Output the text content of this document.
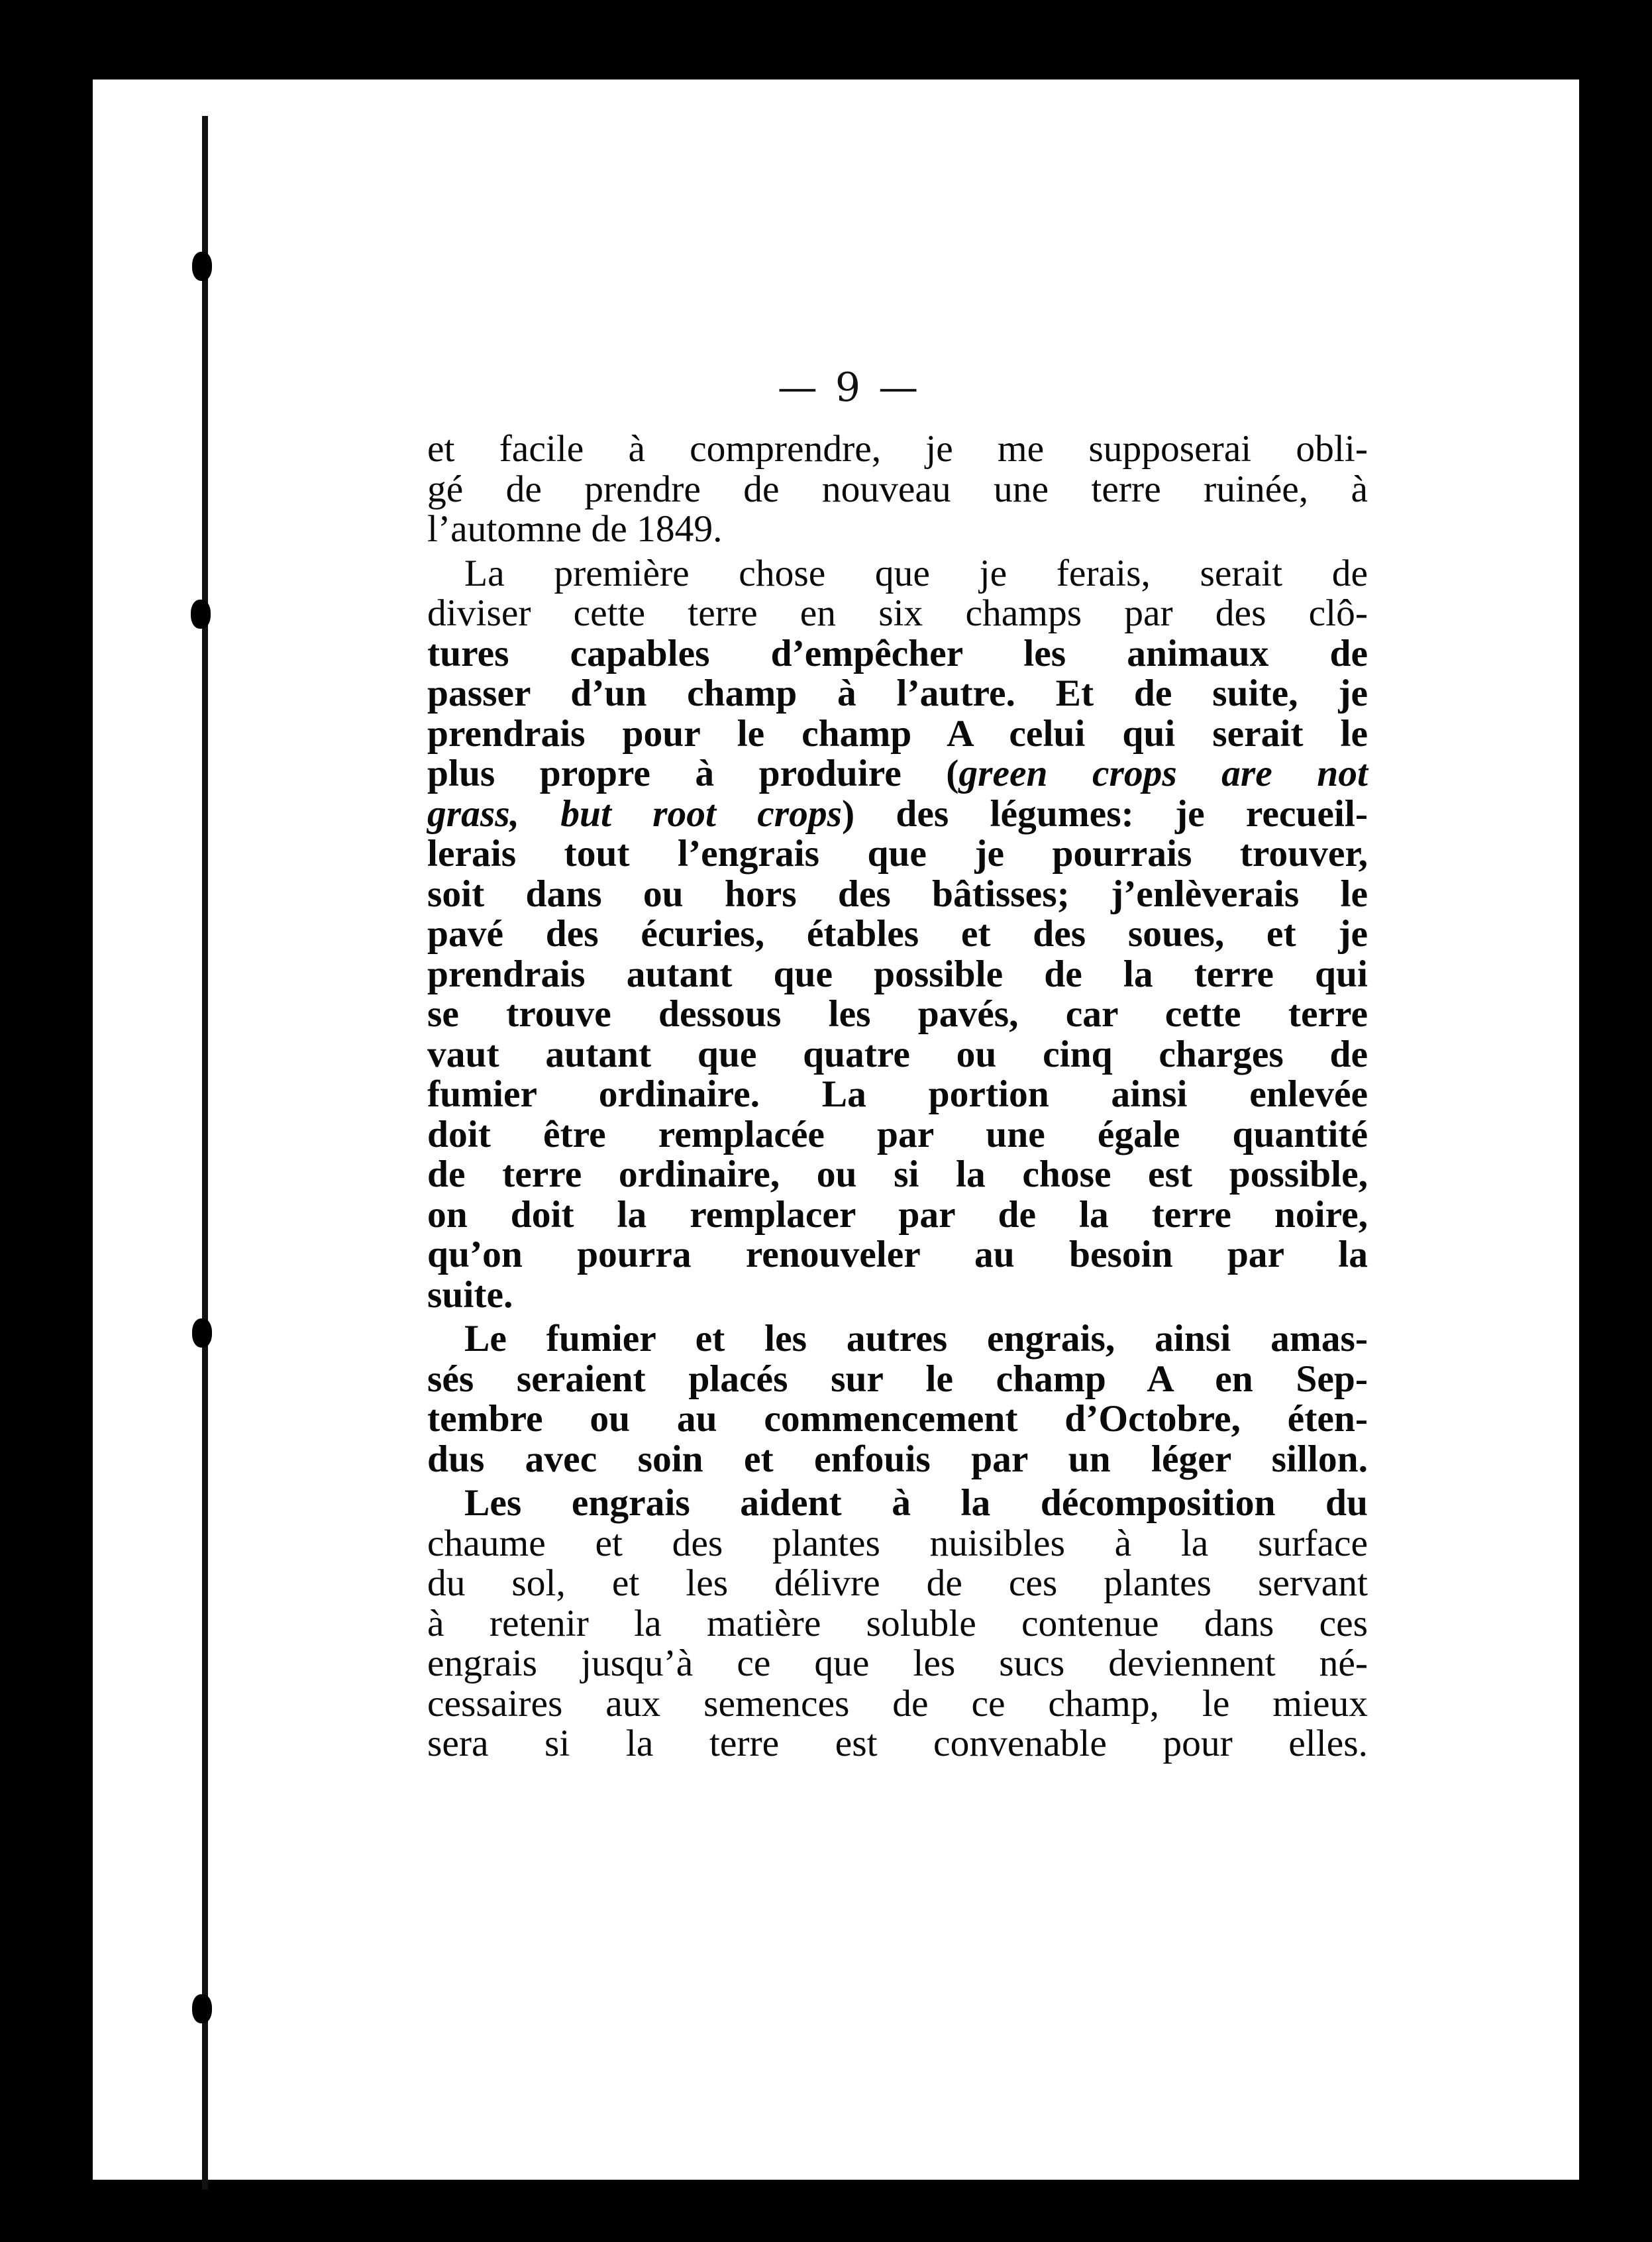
— 9 —
et facile à comprendre, je me supposerai obli-
gé de prendre de nouveau une terre ruinée, à
l’automne de 1849.
La première chose que je ferais, serait de
diviser cette terre en six champs par des clô-
tures capables d’empêcher les animaux de
passer d’un champ à l’autre. Et de suite, je
prendrais pour le champ A celui qui serait le
plus propre à produire (green crops are not
grass, but root crops) des légumes: je recueil-
lerais tout l’engrais que je pourrais trouver,
soit dans ou hors des bâtisses; j’enlèverais le
pavé des écuries, étables et des soues, et je
prendrais autant que possible de la terre qui
se trouve dessous les pavés, car cette terre
vaut autant que quatre ou cinq charges de
fumier ordinaire. La portion ainsi enlevée
doit être remplacée par une égale quantité
de terre ordinaire, ou si la chose est possible,
on doit la remplacer par de la terre noire,
qu’on pourra renouveler au besoin par la
suite.
Le fumier et les autres engrais, ainsi amas-
sés seraient placés sur le champ A en Sep-
tembre ou au commencement d’Octobre, éten-
dus avec soin et enfouis par un léger sillon.
Les engrais aident à la décomposition du
chaume et des plantes nuisibles à la surface
du sol, et les délivre de ces plantes servant
à retenir la matière soluble contenue dans ces
engrais jusqu’à ce que les sucs deviennent né-
cessaires aux semences de ce champ, le mieux
sera si la terre est convenable pour elles.
